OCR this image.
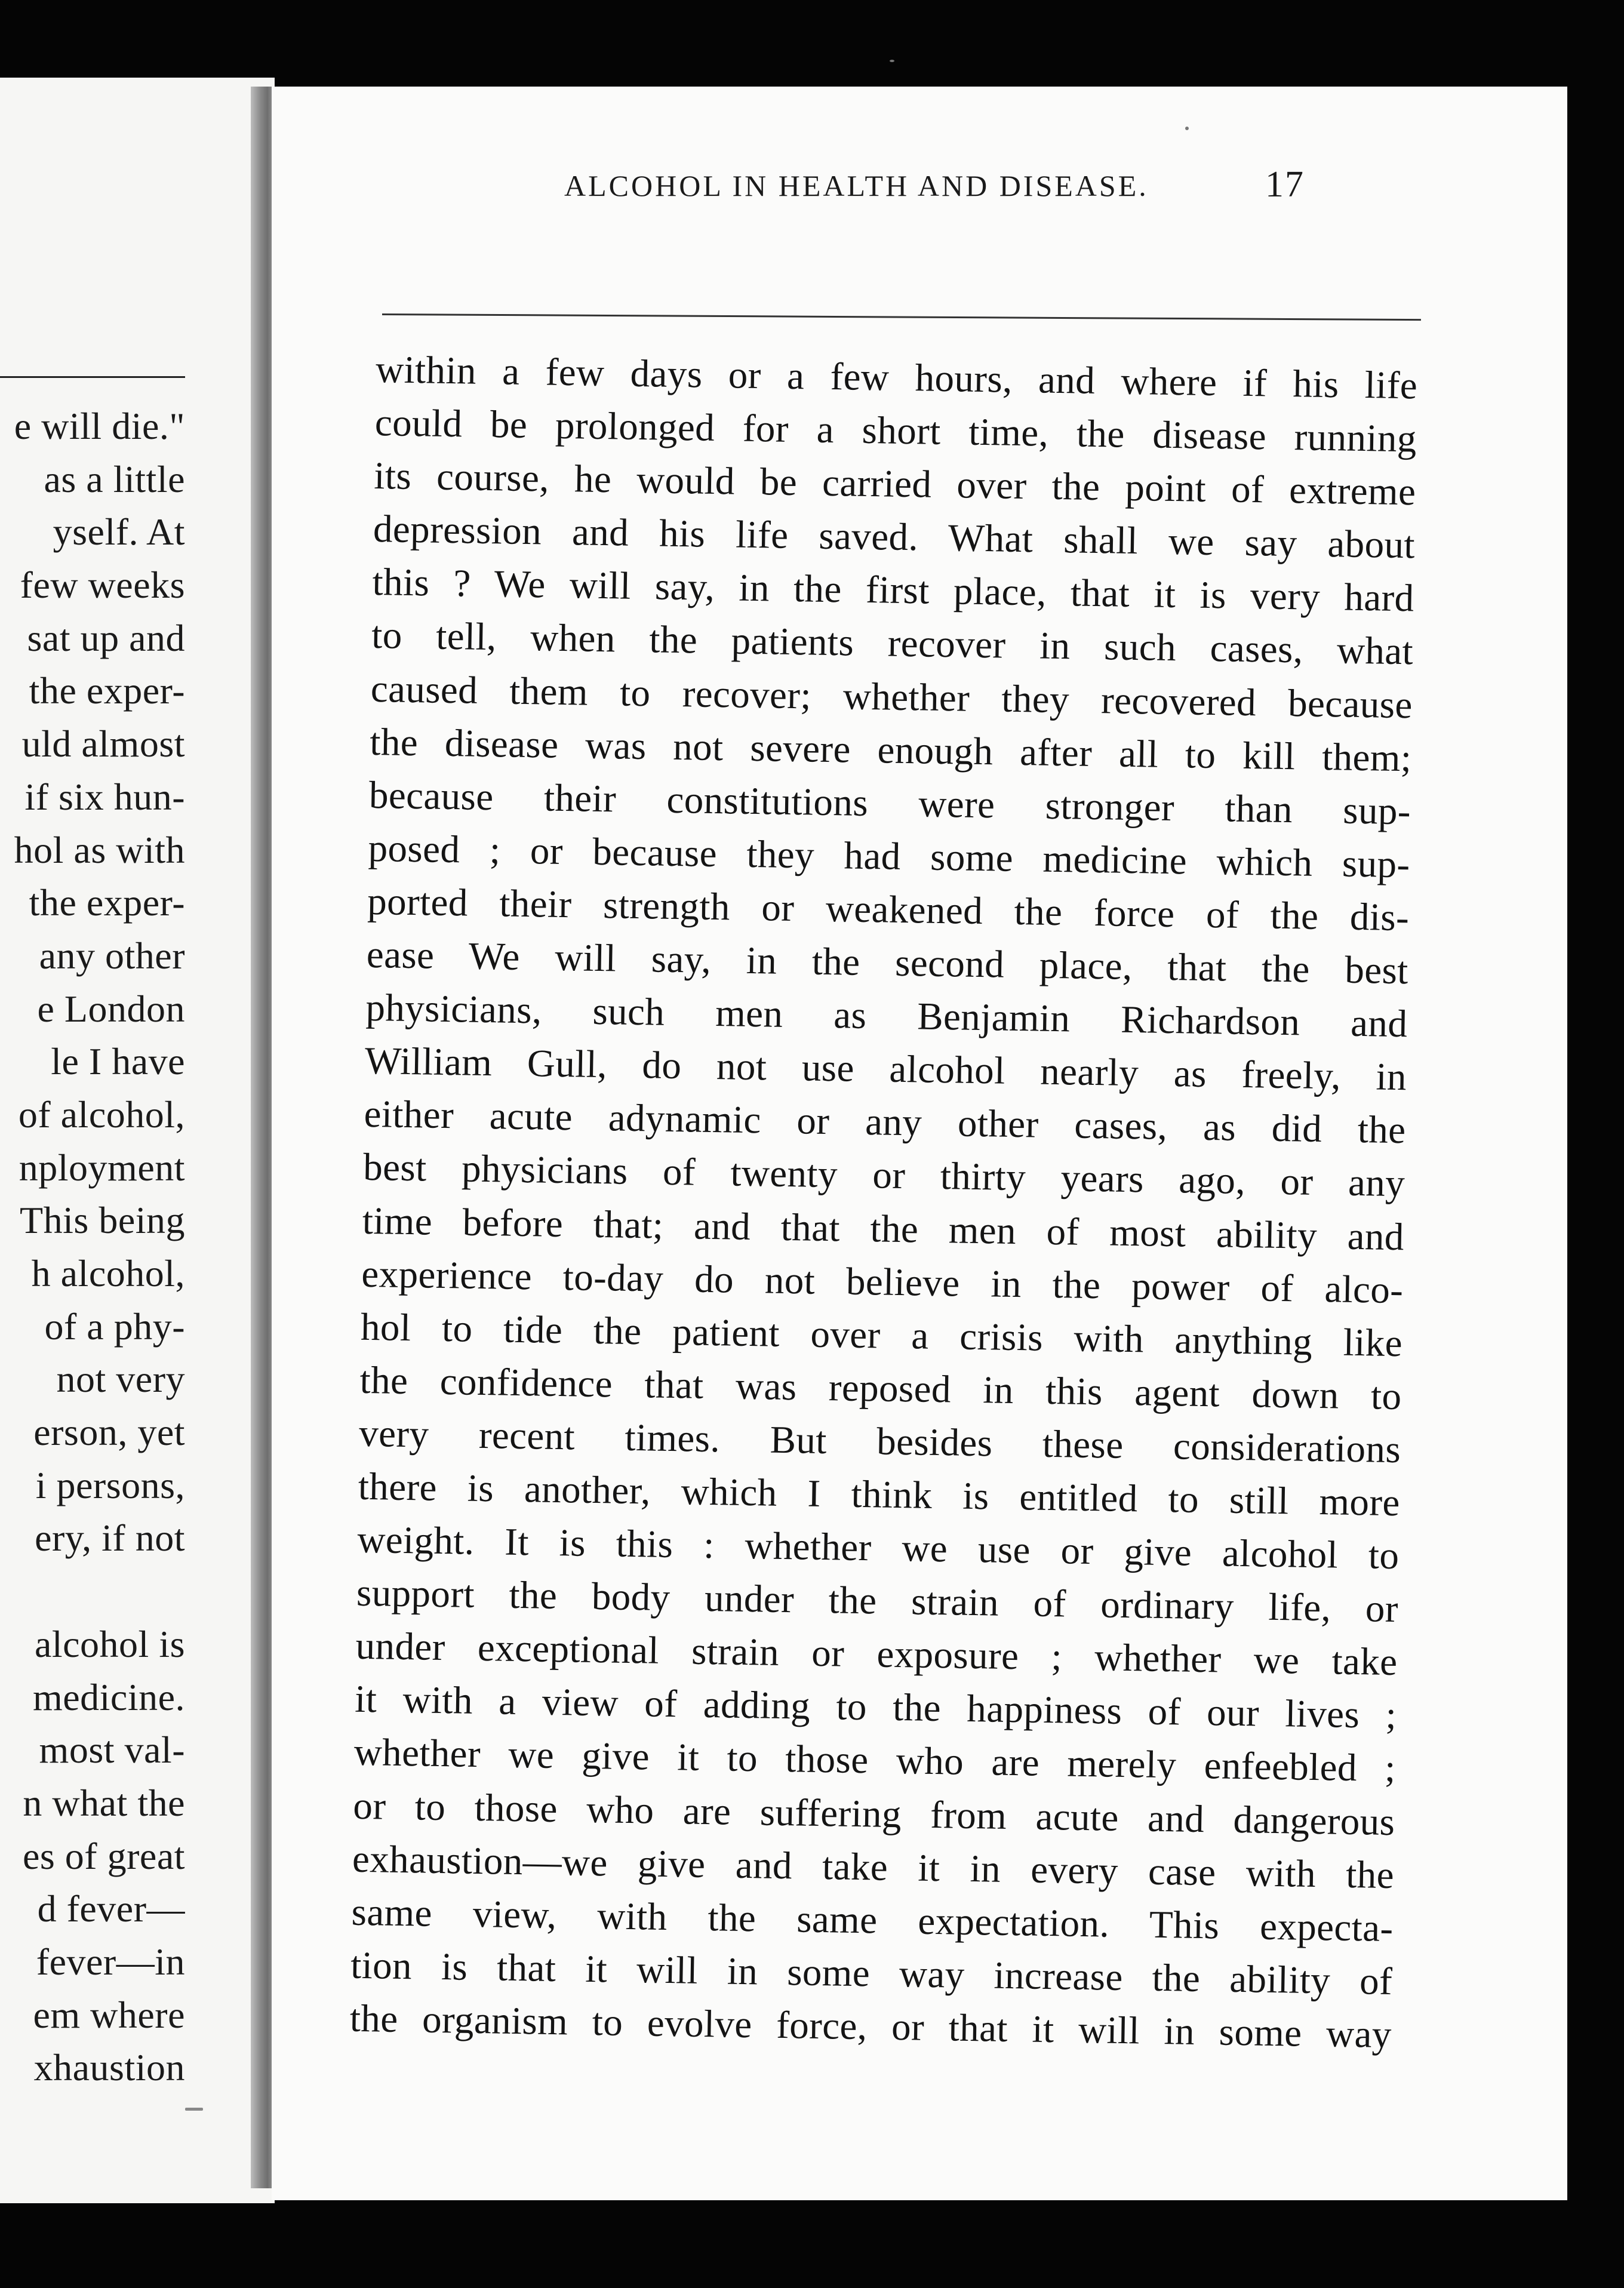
e will die."
as a little
yself. At
few weeks
sat up and
the exper-
uld almost
if six hun-
hol as with
the exper-
any other
e London
le I have
of alcohol,
nployment
This being
h alcohol,
of a phy-
not very
erson, yet
i persons,
ery, if not
alcohol is
medicine.
most val-
n what the
es of great
d fever—
fever—in
em where
xhaustion
ALCOHOL IN HEALTH AND DISEASE.	17
within a few days or a few hours, and where if his life
could be prolonged for a short time, the disease running
its course, he would be carried over the point of extreme
depression and his life saved. What shall we say about
this ? We will say, in the first place, that it is very hard
to tell, when the patients recover in such cases, what
caused them to recover; whether they recovered because
the disease was not severe enough after all to kill them;
because their constitutions were stronger than sup-
posed ; or because they had some medicine which sup-
ported their strength or weakened the force of the dis-
ease We will say, in the second place, that the best
physicians, such men as Benjamin Richardson and
William Gull, do not use alcohol nearly as freely, in
either acute adynamic or any other cases, as did the
best physicians of twenty or thirty years ago, or any
time before that; and that the men of most ability and
experience to-day do not believe in the power of alco-
hol to tide the patient over a crisis with anything like
the confidence that was reposed in this agent down to
very recent times. But besides these considerations
there is another, which I think is entitled to still more
weight. It is this : whether we use or give alcohol to
support the body under the strain of ordinary life, or
under exceptional strain or exposure ; whether we take
it with a view of adding to the happiness of our lives ;
whether we give it to those who are merely enfeebled ;
or to those who are suffering from acute and dangerous
exhaustion—we give and take it in every case with the
same view, with the same expectation. This expecta-
tion is that it will in some way increase the ability of
the organism to evolve force, or that it will in some way
